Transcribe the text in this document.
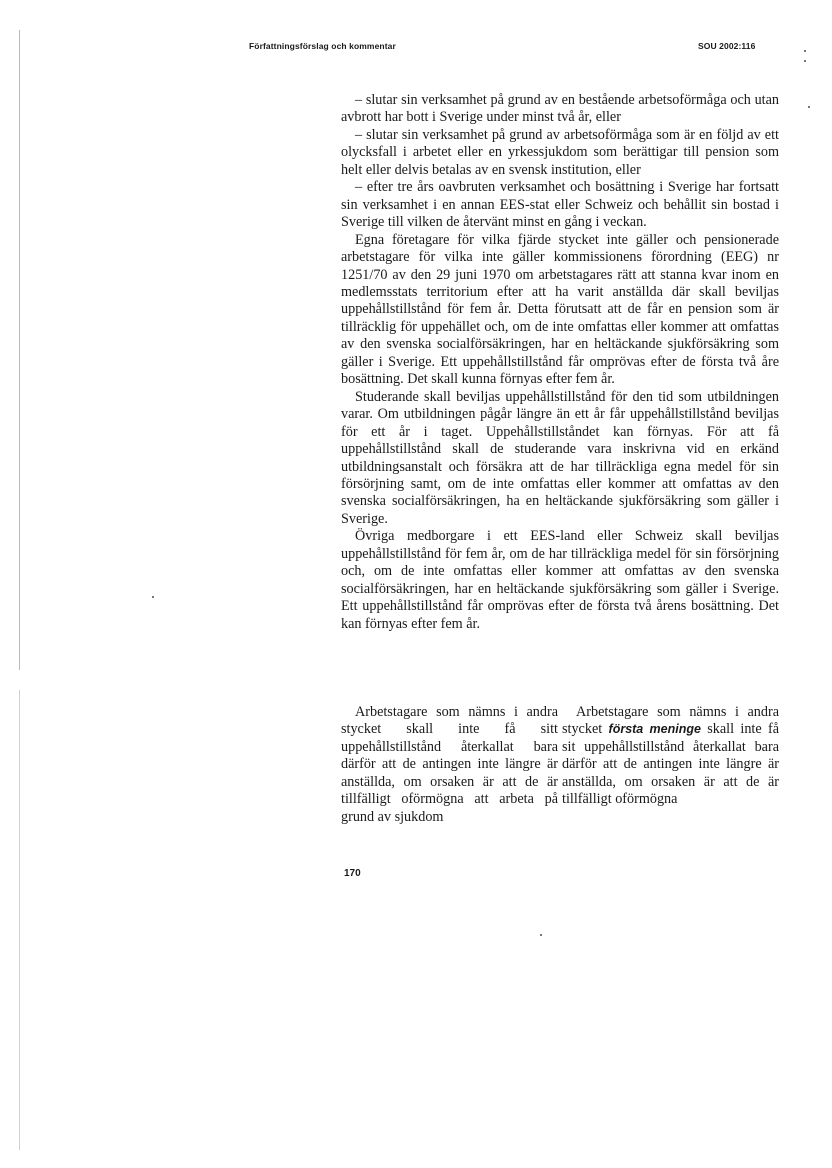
Författningsförslag och kommentar	SOU 2002:116

– slutar sin verksamhet på grund av en bestående arbetsoförmåga och utan avbrott har bott i Sverige under minst två år, eller

– slutar sin verksamhet på grund av arbetsoförmåga som är en följd av ett olycksfall i arbetet eller en yrkessjukdom som berättigar till pension som helt eller delvis betalas av en svensk institution, eller

– efter tre års oavbruten verksamhet och bosättning i Sverige har fortsatt sin verksamhet i en annan EES-stat eller Schweiz och behållit sin bostad i Sverige till vilken de återvänt minst en gång i veckan.

Egna företagare för vilka fjärde stycket inte gäller och pensionerade arbetstagare för vilka inte gäller kommissionens förordning (EEG) nr 1251/70 av den 29 juni 1970 om arbetstagares rätt att stanna kvar inom en medlemsstats territorium efter att ha varit anställda där skall beviljas uppehållstillstånd för fem år. Detta förutsatt att de får en pension som är tillräcklig för uppehället och, om de inte omfattas eller kommer att omfattas av den svenska socialförsäkringen, har en heltäckande sjukförsäkring som gäller i Sverige. Ett uppehållstillstånd får omprövas efter de första två åre bosättning. Det skall kunna förnyas efter fem år.

Studerande skall beviljas uppehållstillstånd för den tid som utbildningen varar. Om utbildningen pågår längre än ett år får uppehållstillstånd beviljas för ett år i taget. Uppehållstillståndet kan förnyas. För att få uppehållstillstånd skall de studerande vara inskrivna vid en erkänd utbildningsanstalt och försäkra att de har tillräckliga egna medel för sin försörjning samt, om de inte omfattas eller kommer att omfattas av den svenska socialförsäkringen, ha en heltäckande sjukförsäkring som gäller i Sverige.

Övriga medborgare i ett EES-land eller Schweiz skall beviljas uppehållstillstånd för fem år, om de har tillräckliga medel för sin försörjning och, om de inte omfattas eller kommer att omfattas av den svenska socialförsäkringen, har en heltäckande sjukförsäkring som gäller i Sverige. Ett uppehållstillstånd får omprövas efter de första två årens bosättning. Det kan förnyas efter fem år.

Arbetstagare som nämns i andra stycket skall inte få sitt uppehållstillstånd återkallat bara därför att de antingen inte längre är anställda, om orsaken är att de är tillfälligt oförmögna att arbeta på grund av sjukdom

Arbetstagare som nämns i andra stycket första meninge skall inte få sit uppehållstillstånd återkallat bara därför att de antingen inte längre är anställda, om orsaken är att de är tillfälligt oförmögna

170
